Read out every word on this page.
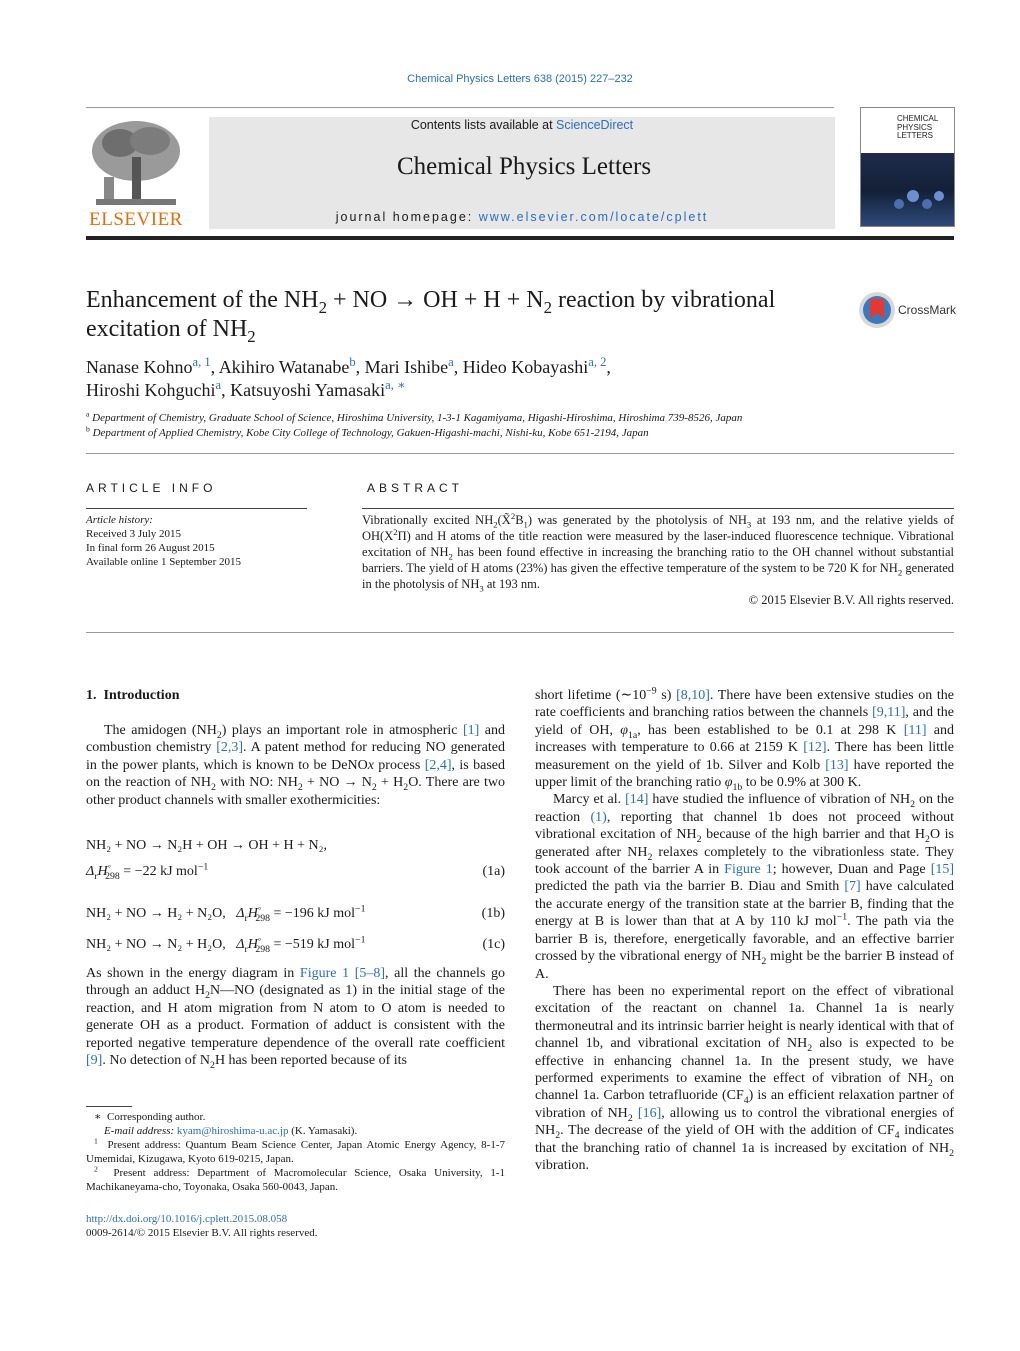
Chemical Physics Letters 638 (2015) 227–232
ELSEVIER
Contents lists available at ScienceDirect
Chemical Physics Letters
journal homepage: www.elsevier.com/locate/cplett
CHEMICAL PHYSICS LETTERS
Enhancement of the $NH_2$ + NO → OH + $H + N_2$ reaction by vibrational
excitation of $NH_2$
CrossMark
Nanase Kohno$^{a, 1}$, Akihiro Watanabe$^b$, Mari Ishibe$^a$, Hideo Kobayashi$^{a, 2}$,
Hiroshi Kohguchi$^a$, Katsuyoshi Yamasaki$^{a, ∗}$
$^a$ Department of Chemistry, Graduate School of Science, Hiroshima University, 1-3-1 Kagamiyama, Higashi-Hiroshima, Hiroshima 739-8526, Japan
$^b$ Department of Applied Chemistry, Kobe City College of Technology, Gakuen-Higashi-machi, Nishi-ku, Kobe 651-2194, Japan
ARTICLE INFO
Article history:
Received 3 July 2015
In final form 26 August 2015
Available online 1 September 2015
ABSTRACT
Vibrationally excited $NH_2(X̃^2B_1)$ was generated by the photolysis of $NH_3$ at 193 nm, and the relative yields of $OH(X^2\Pi)$ and H atoms of the title reaction were measured by the laser-induced fluorescence technique. Vibrational excitation of $NH_2$ has been found effective in increasing the branching ratio to the OH channel without substantial barriers. The yield of H atoms (23%) has given the effective temperature of the system to be 720 K for $NH_2$ generated in the photolysis of $NH_3$ at 193 nm.
© 2015 Elsevier B.V. All rights reserved.
1.  Introduction

The amidogen $(NH_2)$ plays an important role in atmospheric [1] and combustion chemistry [2,3]. A patent method for reducing NO generated in the power plants, which is known to be DeNOx process [2,4], is based on the reaction of $NH_2$ with NO: $NH_2$ + NO → $N_2 + H_2O$. There are two other product channels with smaller exothermicities:

NH₂ + NO → N₂H + OH → OH + H + N₂,
$\Delta_rH^◦_{298} = -22$ kJ mol$^{-1}$	(1a)
NH₂ + NO → H₂ + N₂O, $\Delta_rH^◦_{298} = -196$ kJ mol$^{-1}$	(1b)
NH₂ + NO → N₂ + H₂O, $\Delta_rH^◦_{298} = -519$ kJ mol$^{-1}$	(1c)

As shown in the energy diagram in Figure 1 [5–8], all the channels go through an adduct $H_2N—NO$ (designated as 1) in the initial stage of the reaction, and H atom migration from N atom to O atom is needed to generate OH as a product. Formation of adduct is consistent with the reported negative temperature dependence of the overall rate coefficient [9]. No detection of $N_2H$ has been reported because of its

∗  Corresponding author.
E-mail address: kyam@hiroshima-u.ac.jp (K. Yamasaki).
$^1$ Present address: Quantum Beam Science Center, Japan Atomic Energy Agency, 8-1-7 Umemidai, Kizugawa, Kyoto 619-0215, Japan.
$^2$ Present address: Department of Macromolecular Science, Osaka University, 1-1 Machikaneyama-cho, Toyonaka, Osaka 560-0043, Japan.
http://dx.doi.org/10.1016/j.cplett.2015.08.058
0009-2614/© 2015 Elsevier B.V. All rights reserved.

short lifetime ($\sim 10^{-9}$ s) [8,10]. There have been extensive studies on the rate coefficients and branching ratios between the channels [9,11], and the yield of OH, $\varphi_{1a}$, has been established to be 0.1 at 298 K [11] and increases with temperature to 0.66 at 2159 K [12]. There has been little measurement on the yield of 1b. Silver and Kolb [13] have reported the upper limit of the branching ratio $\varphi_{1b}$ to be 0.9% at 300 K.

Marcy et al. [14] have studied the influence of vibration of $NH_2$ on the reaction (1), reporting that channel 1b does not proceed without vibrational excitation of $NH_2$ because of the high barrier and that $H_2O$ is generated after $NH_2$ relaxes completely to the vibrationless state. They took account of the barrier A in Figure 1; however, Duan and Page [15] predicted the path via the barrier B. Diau and Smith [7] have calculated the accurate energy of the transition state at the barrier B, finding that the energy at B is lower than that at A by 110 kJ mol$^{-1}$. The path via the barrier B is, therefore, energetically favorable, and an effective barrier crossed by the vibrational energy of $NH_2$ might be the barrier B instead of A.

There has been no experimental report on the effect of vibrational excitation of the reactant on channel 1a. Channel 1a is nearly thermoneutral and its intrinsic barrier height is nearly identical with that of channel 1b, and vibrational excitation of $NH_2$ also is expected to be effective in enhancing channel 1a. In the present study, we have performed experiments to examine the effect of vibration of $NH_2$ on channel 1a. Carbon tetrafluoride $(CF_4)$ is an efficient relaxation partner of vibration of $NH_2$ [16], allowing us to control the vibrational energies of $NH_2$. The decrease of the yield of OH with the addition of $CF_4$ indicates that the branching ratio of channel 1a is increased by excitation of $NH_2$ vibration.
